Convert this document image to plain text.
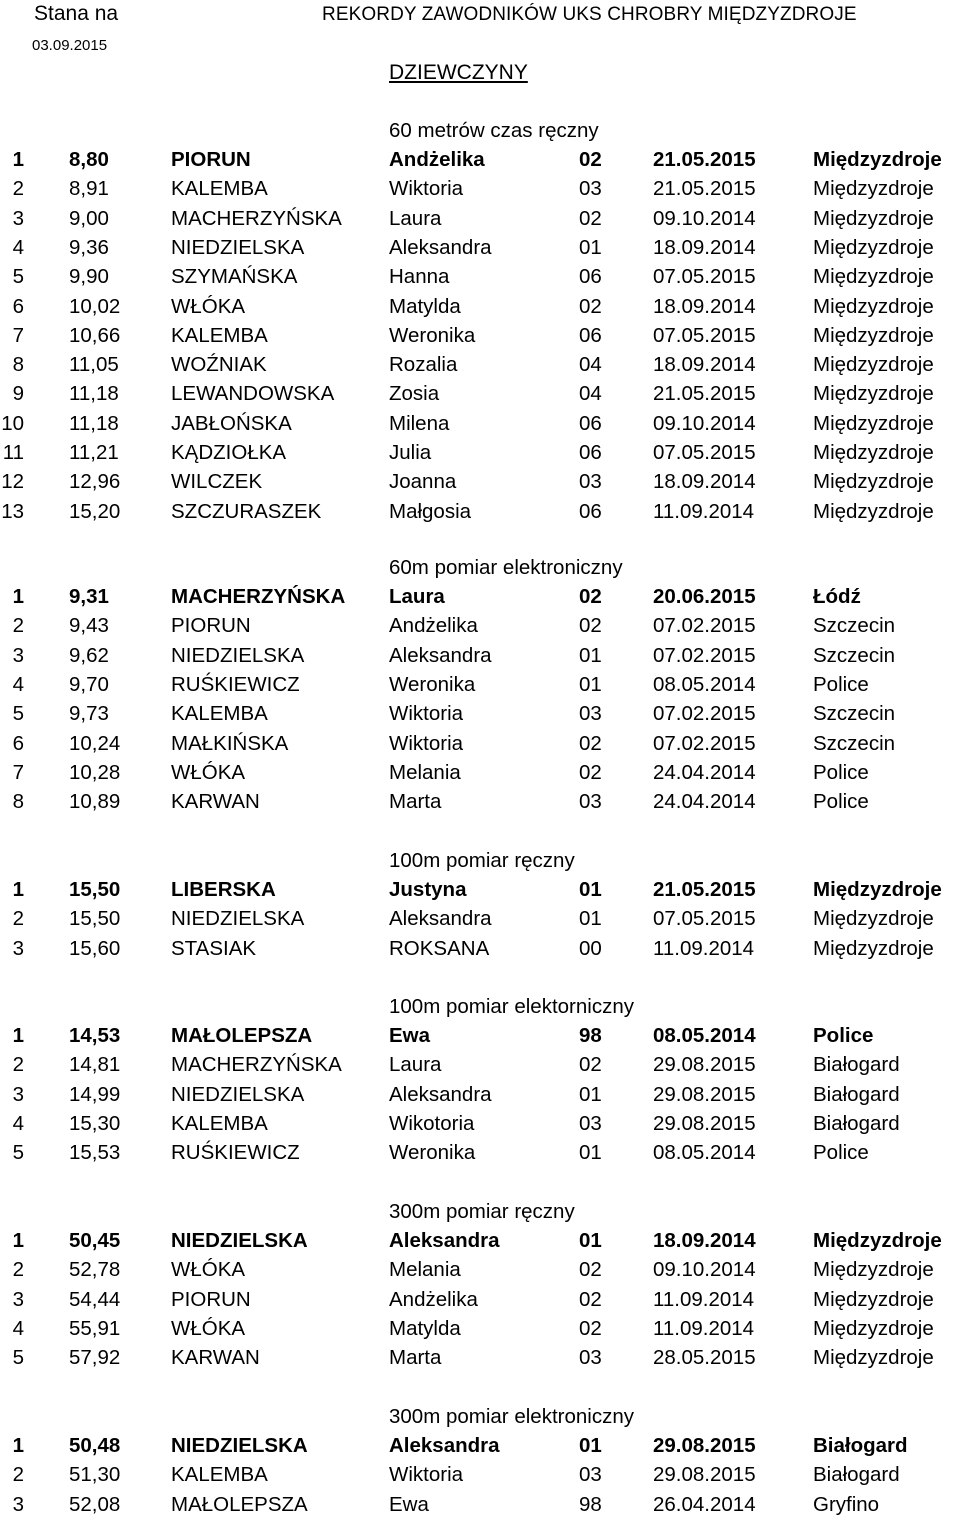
Stana na
03.09.2015
REKORDY ZAWODNIKÓW UKS CHROBRY MIĘDZYZDROJE
DZIEWCZYNY
60 metrów czas ręczny
1 8,80	PIORUN	Andżelika	02 21.05.2015	Międzyzdroje
2 8,91	KALEMBA	Wiktoria	03 21.05.2015	Międzyzdroje
3 9,00	MACHERZYŃSKA Laura	02 09.10.2014	Międzyzdroje
4 9,36	NIEDZIELSKA	Aleksandra	01 18.09.2014	Międzyzdroje
5 9,90	SZYMAŃSKA	Hanna	06 07.05.2015	Międzyzdroje
6 10,02 WŁÓKA	Matylda	02 18.09.2014	Międzyzdroje
7 10,66 KALEMBA	Weronika	06 07.05.2015	Międzyzdroje
8 11,05	WOŹNIAK	Rozalia	04 18.09.2014	Międzyzdroje
9 11,18	LEWANDOWSKA	Zosia	04 21.05.2015	Międzyzdroje
10 11,18	JABŁOŃSKA	Milena	06 09.10.2014	Międzyzdroje
11 11,21	KĄDZIOŁKA	Julia	06 07.05.2015	Międzyzdroje
12 12,96 WILCZEK	Joanna	03 18.09.2014	Międzyzdroje
13 15,20 SZCZURASZEK	Małgosia	06 11.09.2014	Międzyzdroje
60m pomiar elektroniczny
1 9,31	MACHERZYŃSKA Laura	02 20.06.2015	Łódź
2 9,43	PIORUN	Andżelika	02 07.02.2015	Szczecin
3 9,62	NIEDZIELSKA	Aleksandra	01 07.02.2015	Szczecin
4 9,70	RUŚKIEWICZ	Weronika	01 08.05.2014	Police
5 9,73	KALEMBA	Wiktoria	03 07.02.2015	Szczecin
6 10,24 MAŁKIŃSKA	Wiktoria	02 07.02.2015	Szczecin
7 10,28 WŁÓKA	Melania	02 24.04.2014	Police
8 10,89 KARWAN	Marta	03 24.04.2014	Police
100m pomiar ręczny
1 15,50 LIBERSKA	Justyna	01 21.05.2015	Międzyzdroje
2 15,50 NIEDZIELSKA	Aleksandra	01 07.05.2015	Międzyzdroje
3 15,60 STASIAK	ROKSANA	00 11.09.2014	Międzyzdroje
100m pomiar elektorniczny
1 14,53 MAŁOLEPSZA	Ewa	98 08.05.2014	Police
2 14,81 MACHERZYŃSKA Laura	02 29.08.2015	Białogard
3 14,99 NIEDZIELSKA	Aleksandra	01 29.08.2015	Białogard
4 15,30 KALEMBA	Wikotoria	03 29.08.2015	Białogard
5 15,53 RUŚKIEWICZ	Weronika	01 08.05.2014	Police
300m pomiar ręczny
1 50,45 NIEDZIELSKA	Aleksandra	01 18.09.2014	Międzyzdroje
2 52,78 WŁÓKA	Melania	02 09.10.2014	Międzyzdroje
3 54,44 PIORUN	Andżelika	02 11.09.2014	Międzyzdroje
4 55,91 WŁÓKA	Matylda	02 11.09.2014	Międzyzdroje
5 57,92 KARWAN	Marta	03 28.05.2015	Międzyzdroje
300m pomiar elektroniczny
1 50,48 NIEDZIELSKA	Aleksandra	01 29.08.2015	Białogard
2 51,30 KALEMBA	Wiktoria	03 29.08.2015	Białogard
3 52,08 MAŁOLEPSZA	Ewa	98 26.04.2014	Gryfino
